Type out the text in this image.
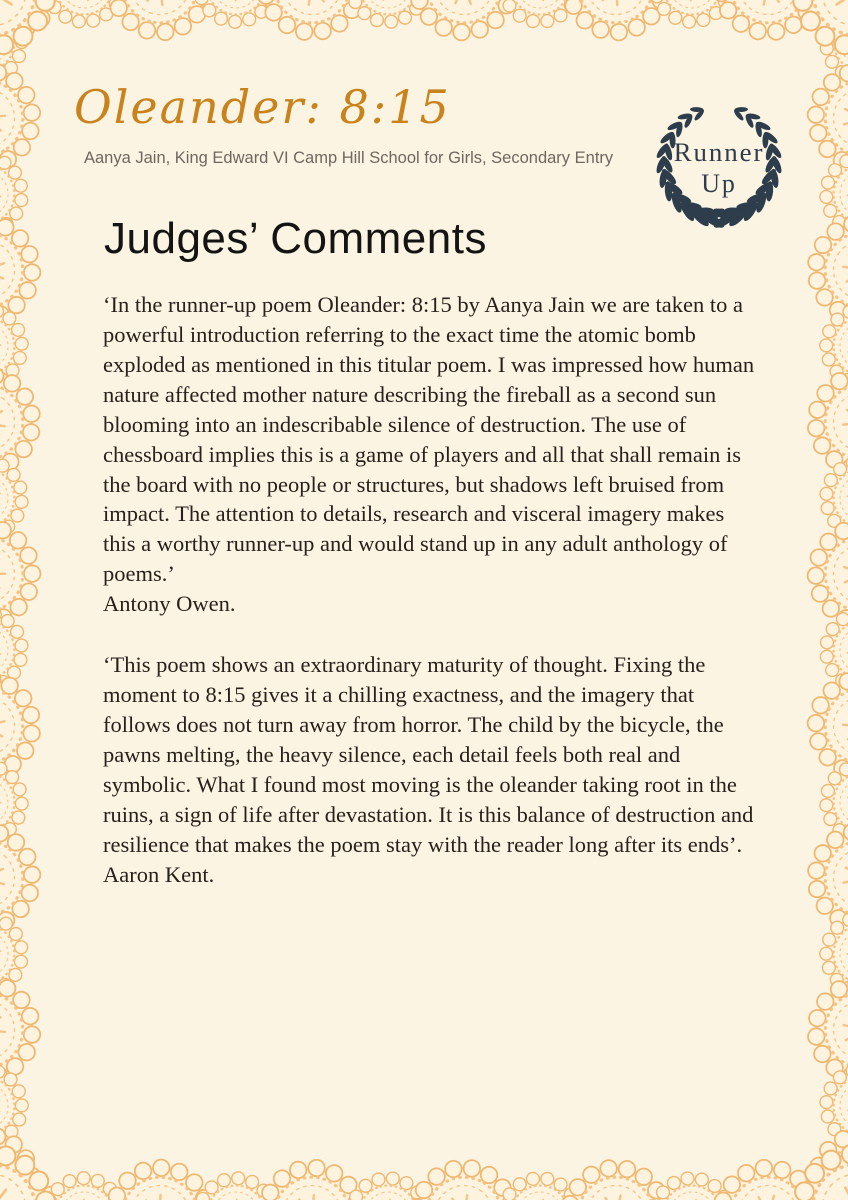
Oleander: 8:15
Aanya Jain, King Edward VI Camp Hill School for Girls, Secondary Entry Runner
Up
Judges’ Comments

‘In the runner-up poem Oleander: 8:15 by Aanya Jain we are taken to a powerful introduction referring to the exact time the atomic bomb exploded as mentioned in this titular poem. I was impressed how human nature affected mother nature describing the fireball as a second sun blooming into an indescribable silence of destruction. The use of chessboard implies this is a game of players and all that shall remain is the board with no people or structures, but shadows left bruised from impact. The attention to details, research and visceral imagery makes this a worthy runner-up and would stand up in any adult anthology of poems.’

Antony Owen.

‘This poem shows an extraordinary maturity of thought. Fixing the moment to 8:15 gives it a chilling exactness, and the imagery that follows does not turn away from horror. The child by the bicycle, the pawns melting, the heavy silence, each detail feels both real and symbolic. What I found most moving is the oleander taking root in the ruins, a sign of life after devastation. It is this balance of destruction and resilience that makes the poem stay with the reader long after its ends’.

Aaron Kent.
